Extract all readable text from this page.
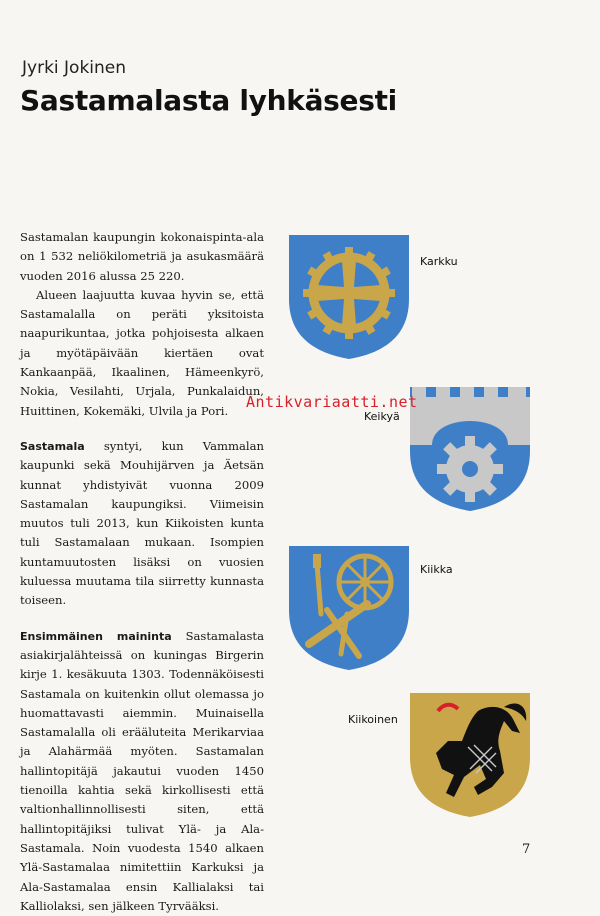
Jyrki Jokinen
Sastamalasta lyhkäsesti

Sastamalan kaupungin kokonaispinta-ala on 1 532 neliökilometriä ja asukasmäärä vuoden 2016 alussa 25 220.

Alueen laajuutta kuvaa hyvin se, että Sastamalalla on peräti yksitoista naapurikuntaa, jotka pohjoisesta alkaen ja myötäpäivään kiertäen ovat Kankaanpää, Ikaalinen, Hämeenkyrö, Nokia, Vesilahti, Urjala, Punkalaidun, Huittinen, Kokemäki, Ulvila ja Pori.

Sastamala syntyi, kun Vammalan kaupunki sekä Mouhijärven ja Äetsän kunnat yhdistyivät vuonna 2009 Sastamalan kaupungiksi. Viimeisin muutos tuli 2013, kun Kiikoisten kunta tuli Sastamalaan mukaan. Isompien kuntamuutosten lisäksi on vuosien kuluessa muutama tila siirretty kunnasta toiseen.

Ensimmäinen maininta Sastamalasta asiakirjalähteissä on kuningas Birgerin kirje 1. kesäkuuta 1303. Todennäköisesti Sastamala on kuitenkin ollut olemassa jo huomattavasti aiemmin. Muinaisella Sastamalalla oli erääluteita Merikarviaa ja Alahärmää myöten. Sastamalan hallintopitäjä jakautui vuoden 1450 tienoilla kahtia sekä kirkollisesti että valtionhallinnollisesti siten, että hallintopitäjiksi tulivat Ylä- ja Ala-Sastamala. Noin vuodesta 1540 alkaen Ylä-Sastamalaa nimitettiin Karkuksi ja Ala-Sastamalaa ensin Kallialaksi tai Kalliolaksi, sen jälkeen Tyrvääksi.

Karkku
Keikyä
Kiikka
Kiikoinen
Antikvariaatti.net
7
